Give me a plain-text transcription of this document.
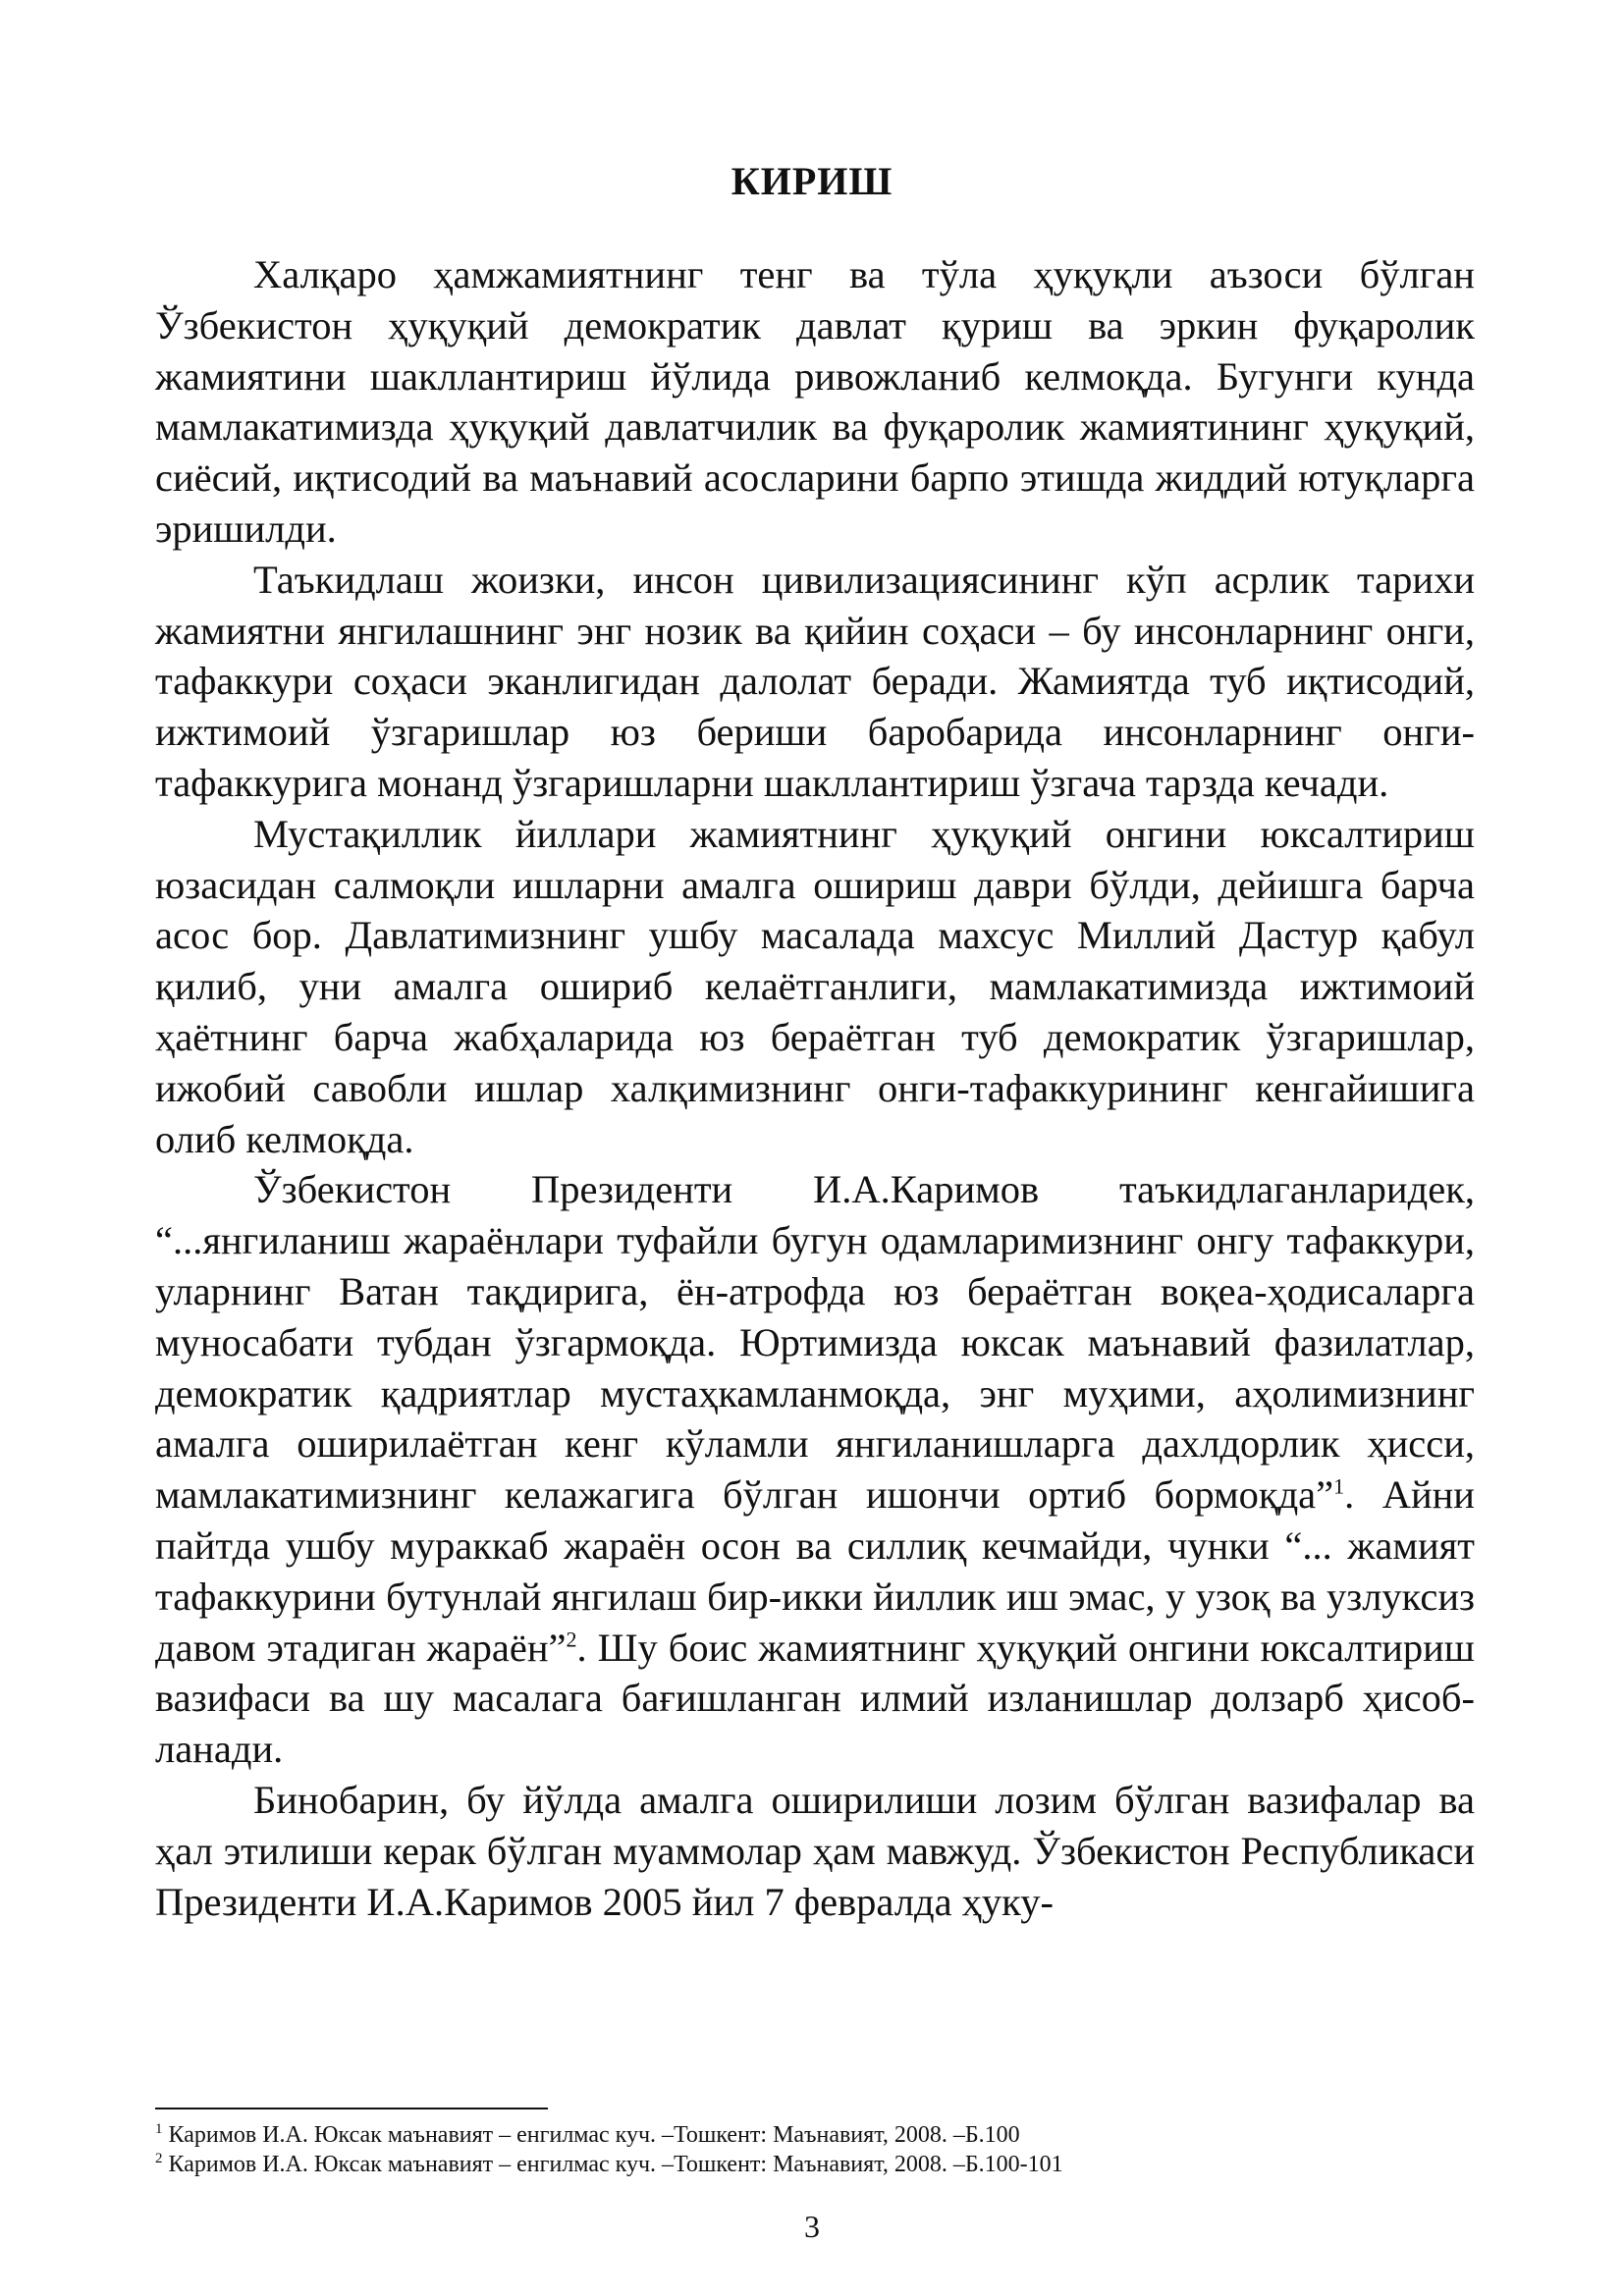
КИРИШ

Халқаро ҳамжамиятнинг тенг ва тўла ҳуқуқли аъзоси бўлган Ўзбекистон ҳуқуқий демократик давлат қуриш ва эркин фуқаролик жамиятини шакллантириш йўлида ривожланиб келмоқда. Бугунги кунда мамлакатимизда ҳуқуқий давлатчилик ва фуқаролик жамиятининг ҳуқуқий, сиёсий, иқтисодий ва маънавий асосларини барпо этишда жиддий ютуқларга эришилди.

Таъкидлаш жоизки, инсон цивилизациясининг кўп асрлик тарихи жамиятни янгилашнинг энг нозик ва қийин соҳаси – бу инсонларнинг онги, тафаккури соҳаси эканлигидан далолат беради. Жамиятда туб иқтисодий, ижтимоий ўзгаришлар юз бериши баробарида инсонларнинг онги-тафаккурига монанд ўзгаришларни шакллантириш ўзгача тарзда кечади.

Мустақиллик йиллари жамиятнинг ҳуқуқий онгини юксалтириш юзасидан салмоқли ишларни амалга ошириш даври бўлди, дейишга барча асос бор. Давлатимизнинг ушбу масалада махсус Миллий Дастур қабул қилиб, уни амалга ошириб келаётганлиги, мамлакатимизда ижтимоий ҳаётнинг барча жабҳаларида юз бераётган туб демократик ўзгаришлар, ижобий савобли ишлар халқимизнинг онги-тафаккурининг кенгайишига олиб келмоқда.

Ўзбекистон Президенти И.А.Каримов таъкидлаганларидек, “...янгиланиш жараёнлари туфайли бугун одамларимизнинг онгу тафаккури, уларнинг Ватан тақдирига, ён-атрофда юз бераётган воқеа-ҳодисаларга муносабати тубдан ўзгармоқда. Юртимизда юксак маънавий фазилатлар, демократик қадриятлар мустаҳкамланмоқда, энг муҳими, аҳолимизнинг амалга оширилаётган кенг кўламли янгиланишларга дахлдорлик ҳисси, мамлакатимизнинг келажагига бўлган ишончи ортиб бормоқда”$^1$. Айни пайтда ушбу мураккаб жараён осон ва силлиқ кечмайди, чунки “... жамият тафаккурини бутунлай янгилаш бир-икки йиллик иш эмас, у узоқ ва узлуксиз давом этадиган жараён”$^2$. Шу боис жамиятнинг ҳуқуқий онгини юксалтириш вазифаси ва шу масалага бағишланган илмий изланишлар долзарб ҳисобланади.

Бинобарин, бу йўлда амалга оширилиши лозим бўлган вазифалар ва ҳал этилиши керак бўлган муаммолар ҳам мавжуд. Ўзбекистон Республикаси Президенти И.А.Каримов 2005 йил 7 февралда ҳуку-

$^1$ Каримов И.А. Юксак маънавият – енгилмас куч. –Тошкент: Маънавият, 2008. –Б.100

$^2$ Каримов И.А. Юксак маънавият – енгилмас куч. –Тошкент: Маънавият, 2008. –Б.100-101

3
